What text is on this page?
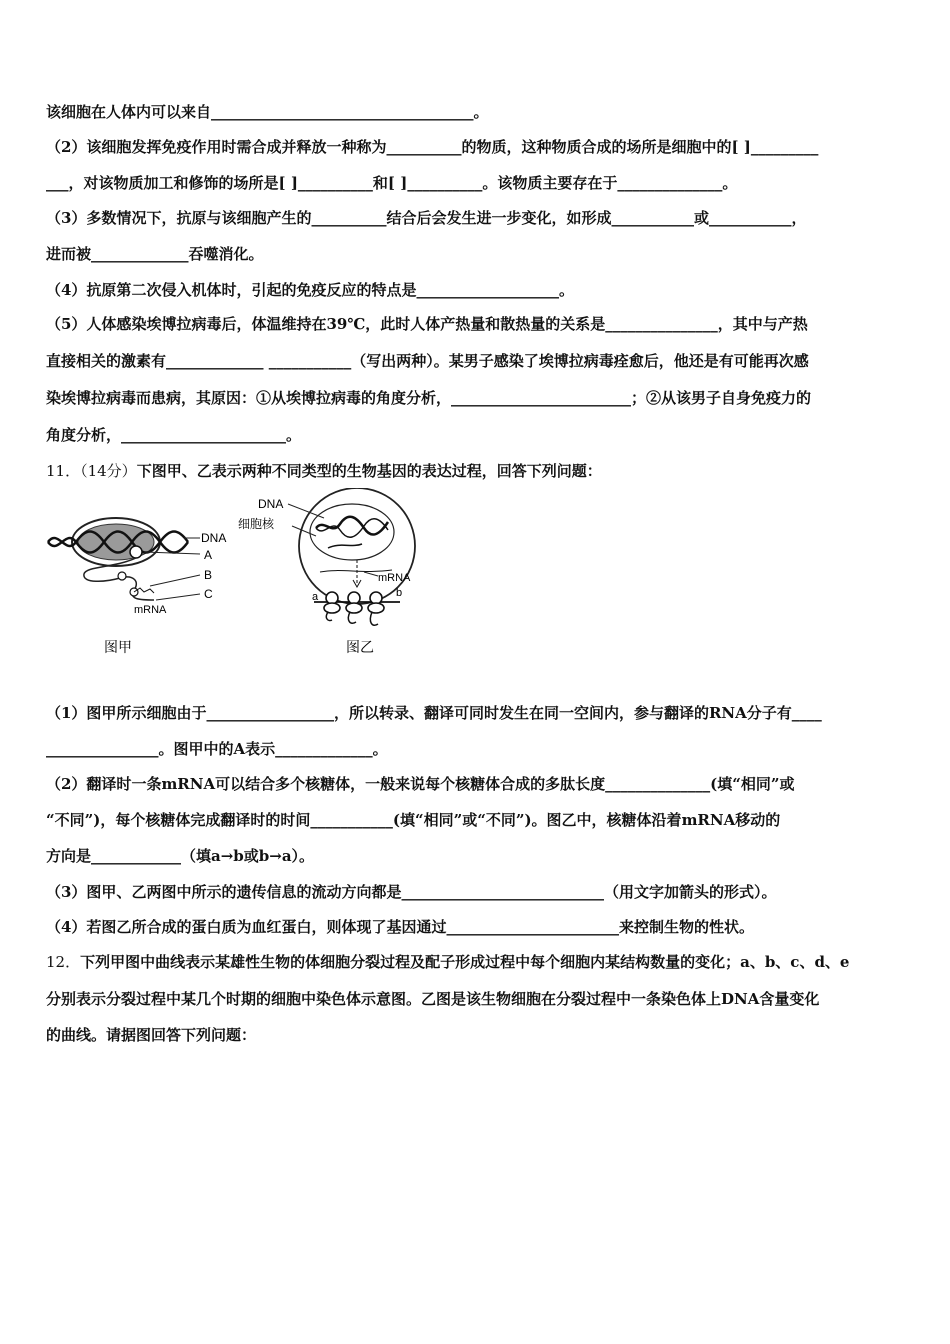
该细胞在人体内可以来自___________________________________。
（2）该细胞发挥免疫作用时需合成并释放一种称为__________的物质，这种物质合成的场所是细胞中的[ ]_________
___，对该物质加工和修饰的场所是[ ]__________和[ ]__________。该物质主要存在于______________。
（3）多数情况下，抗原与该细胞产生的__________结合后会发生进一步变化，如形成___________或___________，
进而被_____________吞噬消化。
（4）抗原第二次侵入机体时，引起的免疫反应的特点是___________________。
（5）人体感染埃博拉病毒后，体温维持在39℃，此时人体产热量和散热量的关系是_______________，其中与产热
直接相关的激素有_____________ ___________（写出两种）。某男子感染了埃博拉病毒痊愈后，他还是有可能再次感
染埃博拉病毒而患病，其原因：①从埃博拉病毒的角度分析，________________________；②从该男子自身免疫力的
角度分析，______________________。
11．（14分）下图甲、乙表示两种不同类型的生物基因的表达过程，回答下列问题：
DNA
A
B
C
mRNA
图甲
DNA
细胞核
mRNA
a	b
图乙
（1）图甲所示细胞由于_________________，所以转录、翻译可同时发生在同一空间内，参与翻译的RNA分子有____
_______________。图甲中的A表示_____________。
（2）翻译时一条mRNA可以结合多个核糖体，一般来说每个核糖体合成的多肽长度______________(填“相同”或
“不同”)，每个核糖体完成翻译时的时间___________(填“相同”或“不同”)。图乙中，核糖体沿着mRNA移动的
方向是____________（填a→b或b→a）。
（3）图甲、乙两图中所示的遗传信息的流动方向都是___________________________（用文字加箭头的形式）。
（4）若图乙所合成的蛋白质为血红蛋白，则体现了基因通过_______________________来控制生物的性状。
12．下列甲图中曲线表示某雄性生物的体细胞分裂过程及配子形成过程中每个细胞内某结构数量的变化；a、b、c、d、e
分别表示分裂过程中某几个时期的细胞中染色体示意图。乙图是该生物细胞在分裂过程中一条染色体上DNA含量变化
的曲线。请据图回答下列问题：
